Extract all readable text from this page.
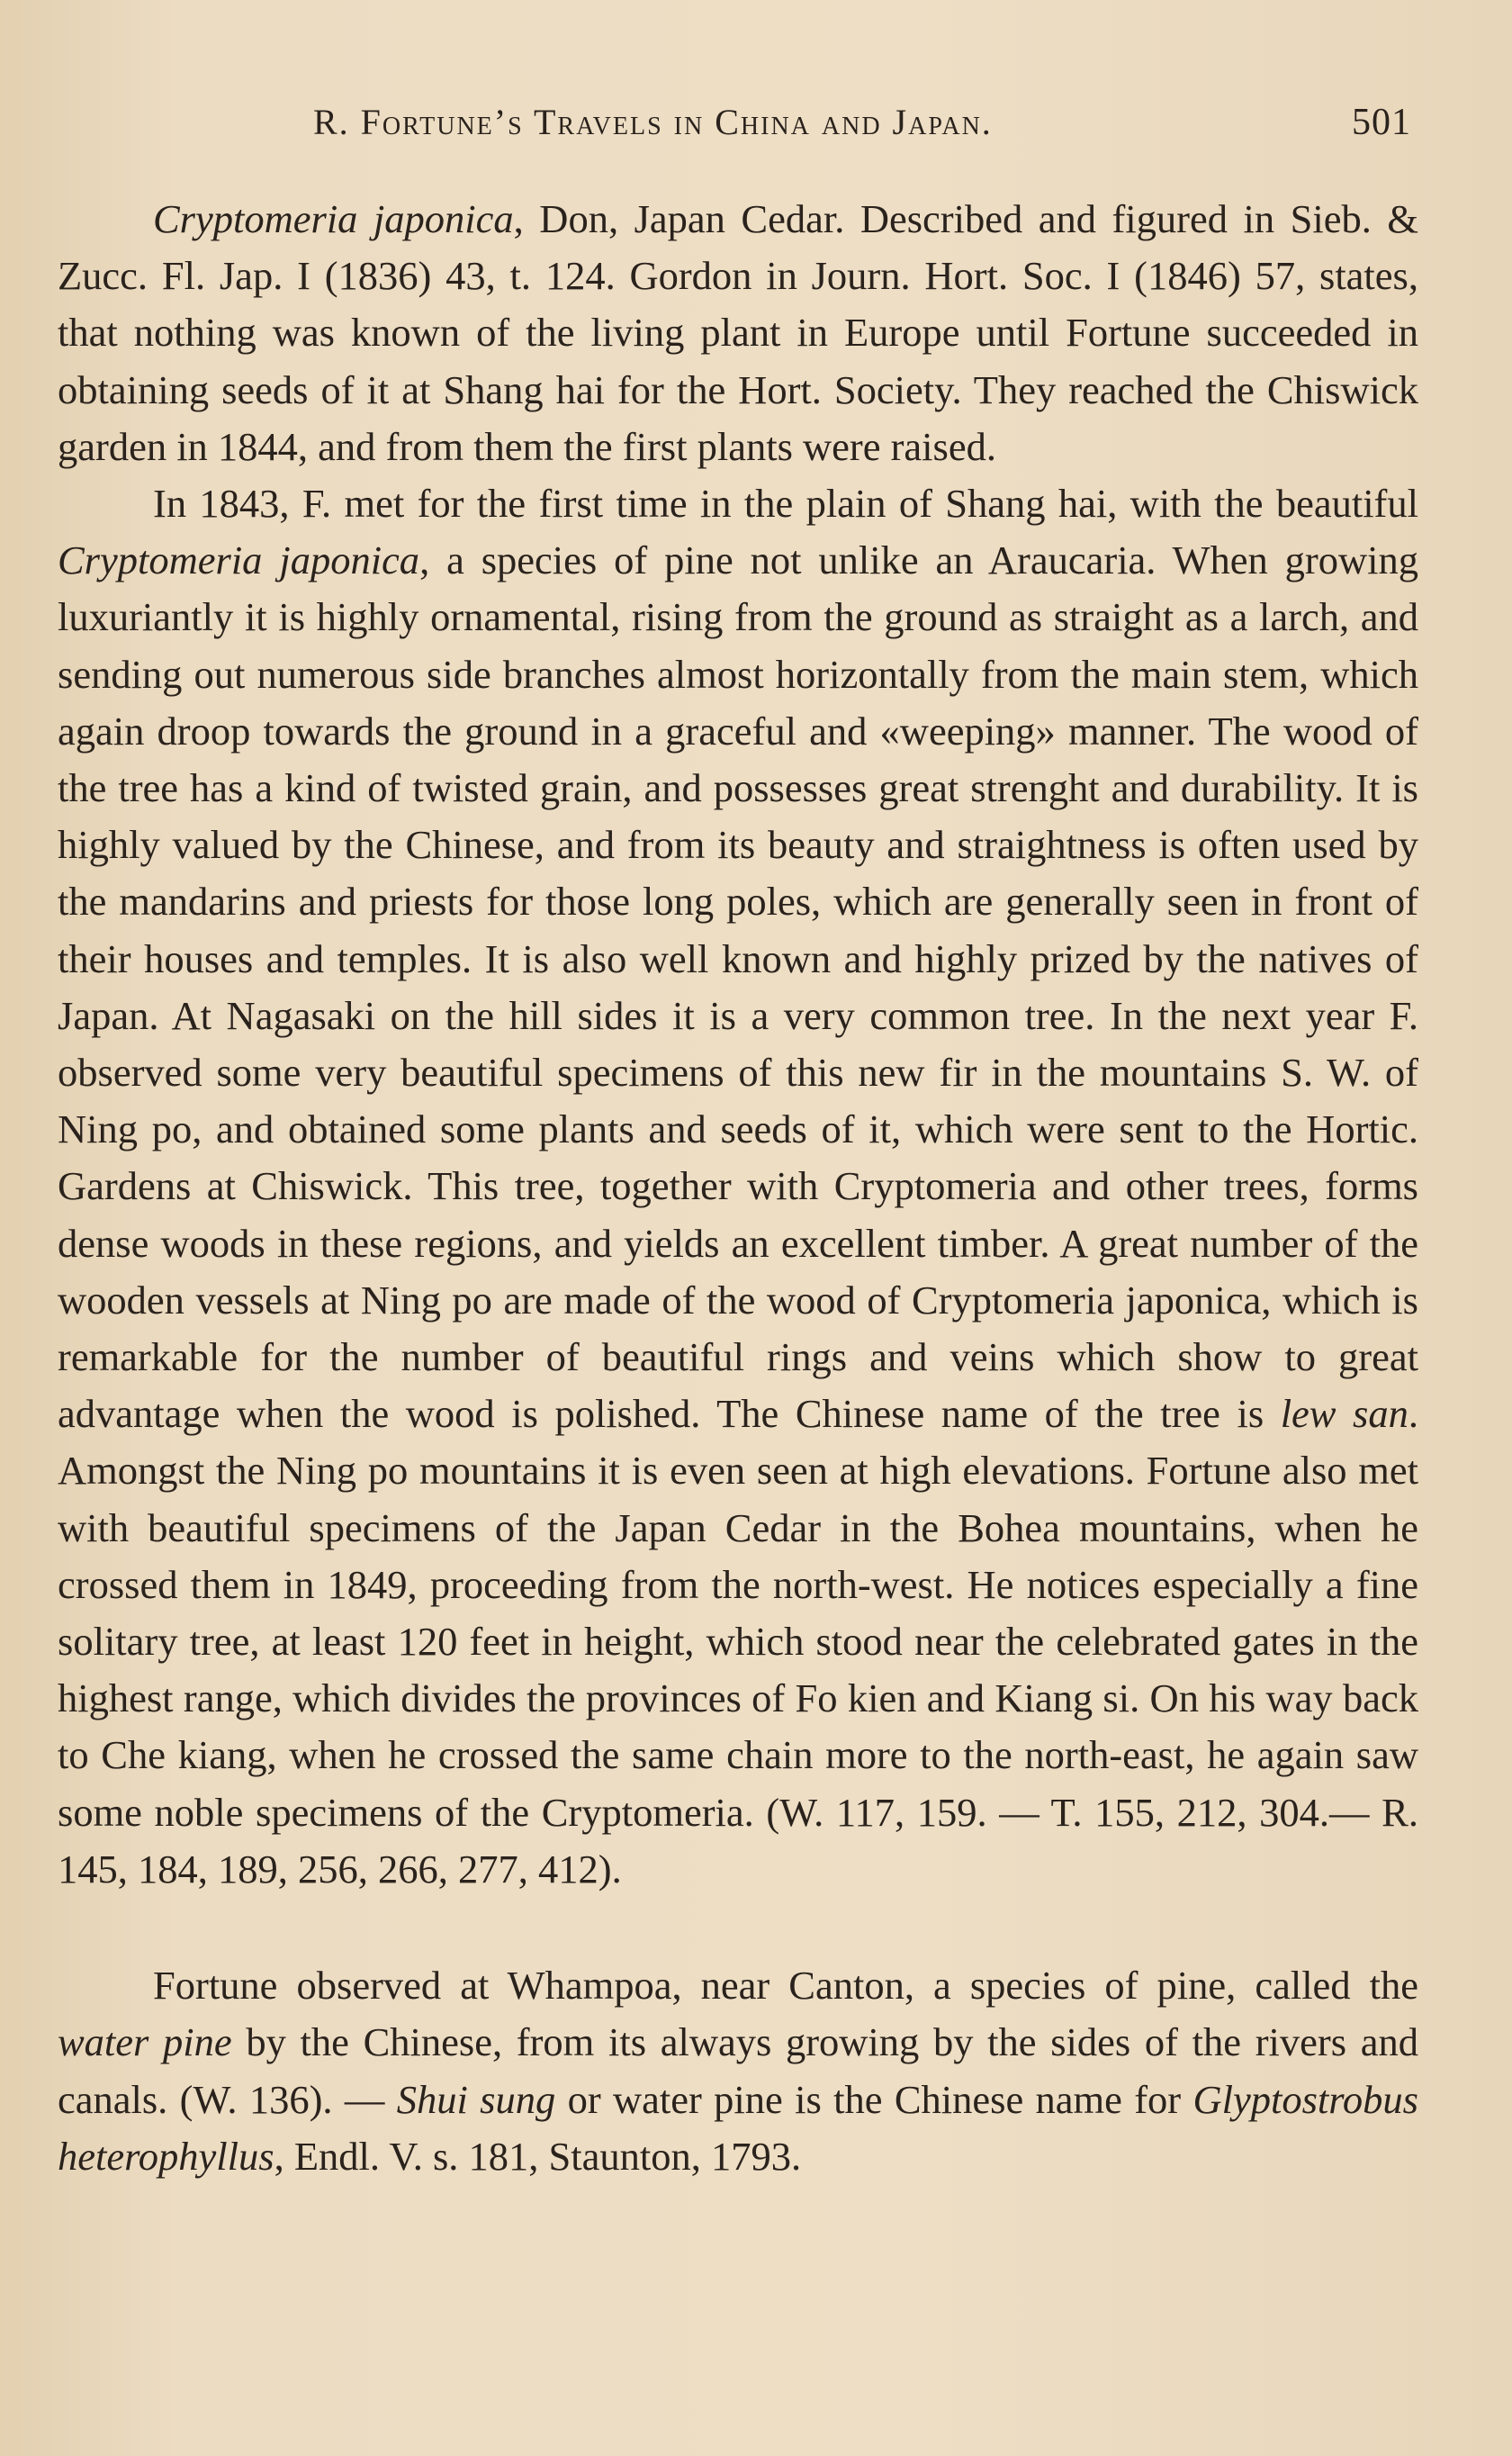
R. Fortune’s Travels in China and Japan.	501

Cryptomeria japonica, Don, Japan Cedar. Described and figured in Sieb. & Zucc. Fl. Jap. I (1836) 43, t. 124. Gordon in Journ. Hort. Soc. I (1846) 57, states, that nothing was known of the living plant in Europe until Fortune succeeded in obtaining seeds of it at Shang hai for the Hort. Society. They reached the Chiswick garden in 1844, and from them the first plants were raised.

In 1843, F. met for the first time in the plain of Shang hai, with the beautiful Cryptomeria japonica, a species of pine not unlike an Araucaria. When growing luxuriantly it is highly ornamental, rising from the ground as straight as a larch, and sending out numerous side branches almost horizontally from the main stem, which again droop towards the ground in a graceful and «weeping» manner. The wood of the tree has a kind of twisted grain, and possesses great strenght and durability. It is highly valued by the Chinese, and from its beauty and straightness is often used by the mandarins and priests for those long poles, which are generally seen in front of their houses and temples. It is also well known and highly prized by the natives of Japan. At Nagasaki on the hill sides it is a very common tree. In the next year F. observed some very beautiful specimens of this new fir in the mountains S. W. of Ning po, and obtained some plants and seeds of it, which were sent to the Hortic. Gardens at Chiswick. This tree, together with Cryptomeria and other trees, forms dense woods in these regions, and yields an excellent timber. A great number of the wooden vessels at Ning po are made of the wood of Cryptomeria japonica, which is remarkable for the number of beautiful rings and veins which show to great advantage when the wood is polished. The Chinese name of the tree is lew san. Amongst the Ning po mountains it is even seen at high elevations. Fortune also met with beautiful specimens of the Japan Cedar in the Bohea mountains, when he crossed them in 1849, proceeding from the north-west. He notices especially a fine solitary tree, at least 120 feet in height, which stood near the celebrated gates in the highest range, which divides the provinces of Fo kien and Kiang si. On his way back to Che kiang, when he crossed the same chain more to the north-east, he again saw some noble specimens of the Cryptomeria. (W. 117, 159. — T. 155, 212, 304.— R. 145, 184, 189, 256, 266, 277, 412).

Fortune observed at Whampoa, near Canton, a species of pine, called the water pine by the Chinese, from its always growing by the sides of the rivers and canals. (W. 136). — Shui sung or water pine is the Chinese name for Glyptostrobus heterophyllus, Endl. V. s. 181, Staunton, 1793.
